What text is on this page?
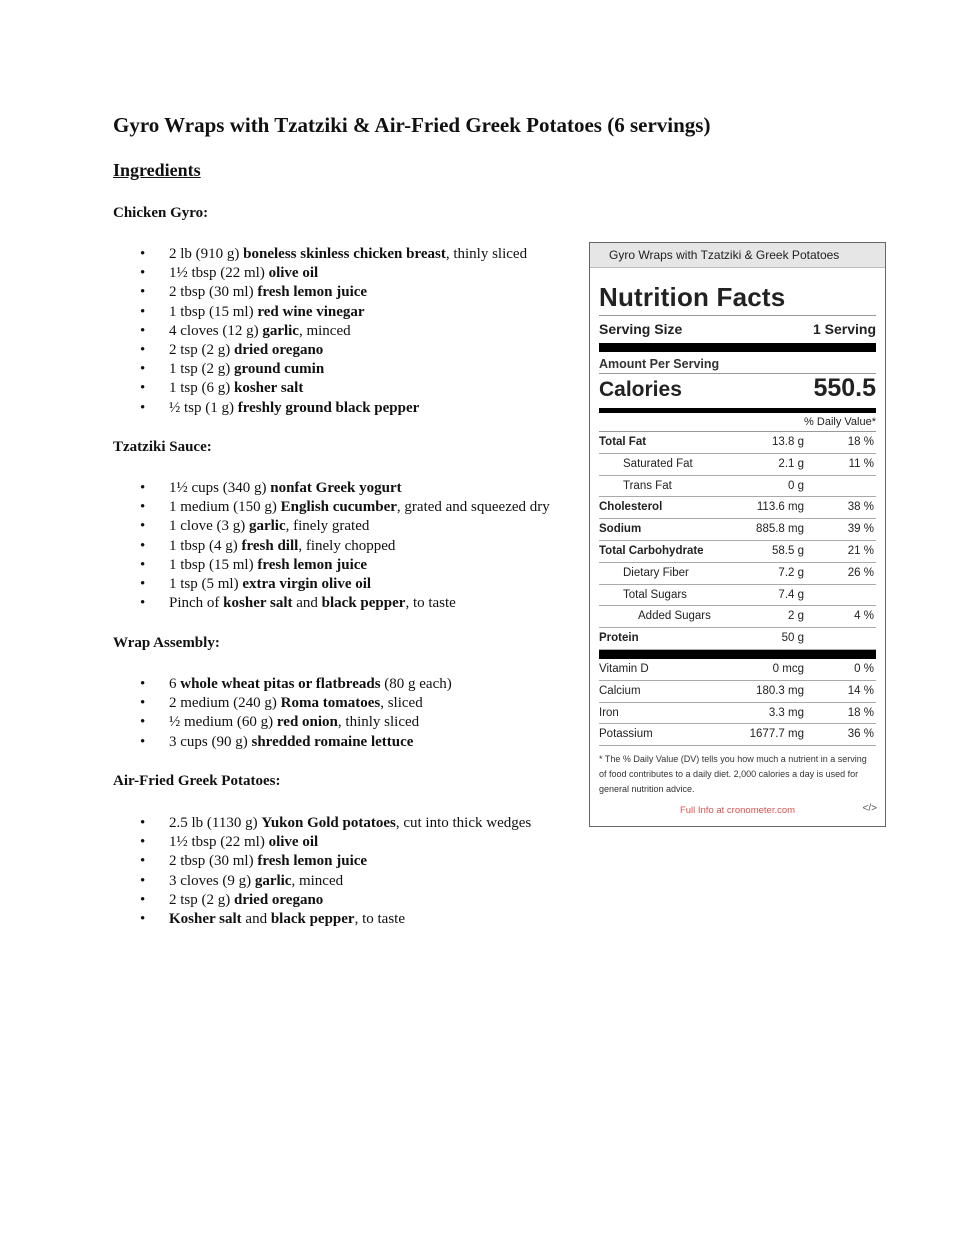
Gyro Wraps with Tzatziki & Air-Fried Greek Potatoes (6 servings)
Ingredients
Chicken Gyro:
• 2 lb (910 g) boneless skinless chicken breast, thinly sliced
• 1½ tbsp (22 ml) olive oil
• 2 tbsp (30 ml) fresh lemon juice
• 1 tbsp (15 ml) red wine vinegar
• 4 cloves (12 g) garlic, minced
• 2 tsp (2 g) dried oregano
• 1 tsp (2 g) ground cumin
• 1 tsp (6 g) kosher salt
• ½ tsp (1 g) freshly ground black pepper
Tzatziki Sauce:
• 1½ cups (340 g) nonfat Greek yogurt
• 1 medium (150 g) English cucumber, grated and squeezed dry
• 1 clove (3 g) garlic, finely grated
• 1 tbsp (4 g) fresh dill, finely chopped
• 1 tbsp (15 ml) fresh lemon juice
• 1 tsp (5 ml) extra virgin olive oil
• Pinch of kosher salt and black pepper, to taste
Wrap Assembly:
• 6 whole wheat pitas or flatbreads (80 g each)
• 2 medium (240 g) Roma tomatoes, sliced
• ½ medium (60 g) red onion, thinly sliced
• 3 cups (90 g) shredded romaine lettuce
Air-Fried Greek Potatoes:
• 2.5 lb (1130 g) Yukon Gold potatoes, cut into thick wedges
• 1½ tbsp (22 ml) olive oil
• 2 tbsp (30 ml) fresh lemon juice
• 3 cloves (9 g) garlic, minced
• 2 tsp (2 g) dried oregano
• Kosher salt and black pepper, to taste
Gyro Wraps with Tzatziki & Greek Potatoes
Nutrition Facts
Serving Size	1 Serving
Amount Per Serving
Calories	550.5
% Daily Value*
Total Fat	13.8 g	18 %
Saturated Fat	2.1 g	11 %
Trans Fat	0 g
Cholesterol	113.6 mg	38 %
Sodium	885.8 mg	39 %
Total Carbohydrate	58.5 g	21 %
Dietary Fiber	7.2 g	26 %
Total Sugars	7.4 g
Added Sugars	2 g	4 %
Protein	50 g
Vitamin D	0 mcg	0 %
Calcium	180.3 mg	14 %
Iron	3.3 mg	18 %
Potassium	1677.7 mg	36 %
* The % Daily Value (DV) tells you how much a nutrient in a serving of food contributes to a daily diet. 2,000 calories a day is used for general nutrition advice.
Full Info at cronometer.com	</>
